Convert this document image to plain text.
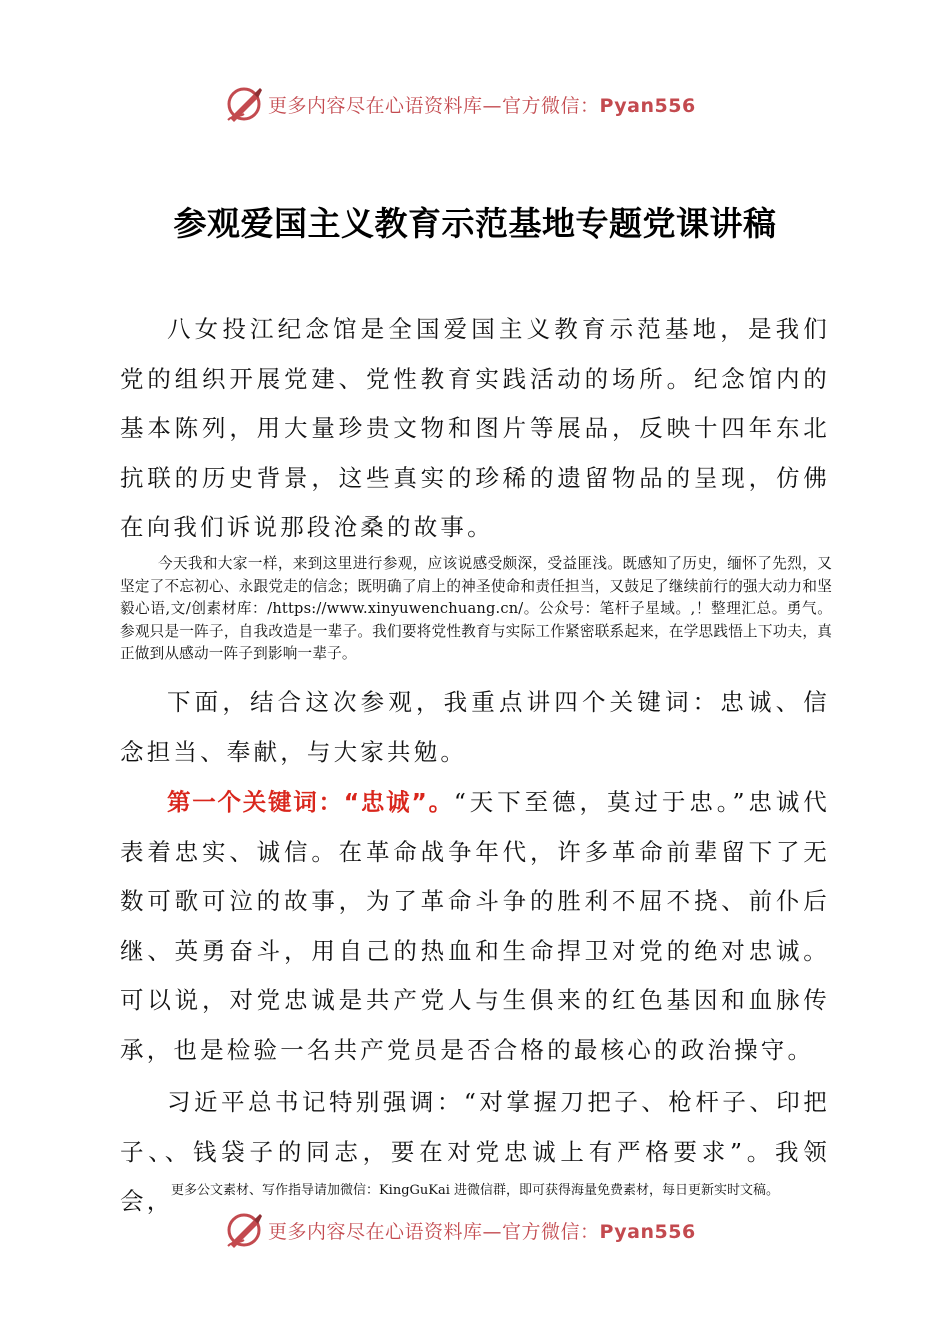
更多内容尽在心语资料库—官方微信：Pyan556
参观爱国主义教育示范基地专题党课讲稿
八女投江纪念馆是全国爱国主义教育示范基地，是我们党的组织开展党建、党性教育实践活动的场所。纪念馆内的基本陈列，用大量珍贵文物和图片等展品，反映十四年东北抗联的历史背景，这些真实的珍稀的遗留物品的呈现，仿佛在向我们诉说那段沧桑的故事。
今天我和大家一样，来到这里进行参观，应该说感受颇深，受益匪浅。既感知了历史，缅怀了先烈，又坚定了不忘初心、永跟党走的信念；既明确了肩上的神圣使命和责任担当，又鼓足了继续前行的强大动力和坚毅心语,文/创素材库：/https://www.xinyuwenchuang.cn/。公众号：笔杆子星域。,！整理汇总。勇气。参观只是一阵子，自我改造是一辈子。我们要将党性教育与实际工作紧密联系起来，在学思践悟上下功夫，真正做到从感动一阵子到影响一辈子。
下面，结合这次参观，我重点讲四个关键词：忠诚、信念担当、奉献，与大家共勉。
第一个关键词：“忠诚”。“天下至德，莫过于忠。”忠诚代表着忠实、诚信。在革命战争年代，许多革命前辈留下了无数可歌可泣的故事，为了革命斗争的胜利不屈不挠、前仆后继、英勇奋斗，用自己的热血和生命捍卫对党的绝对忠诚。可以说，对党忠诚是共产党人与生俱来的红色基因和血脉传承，也是检验一名共产党员是否合格的最核心的政治操守。
习近平总书记特别强调：“对掌握刀把子、枪杆子、印把子、、钱袋子的同志，要在对党忠诚上有严格要求”。我领会，
更多公文素材、写作指导请加微信：KingGuKai 进微信群，即可获得海量免费素材，每日更新实时文稿。
更多内容尽在心语资料库—官方微信：Pyan556
